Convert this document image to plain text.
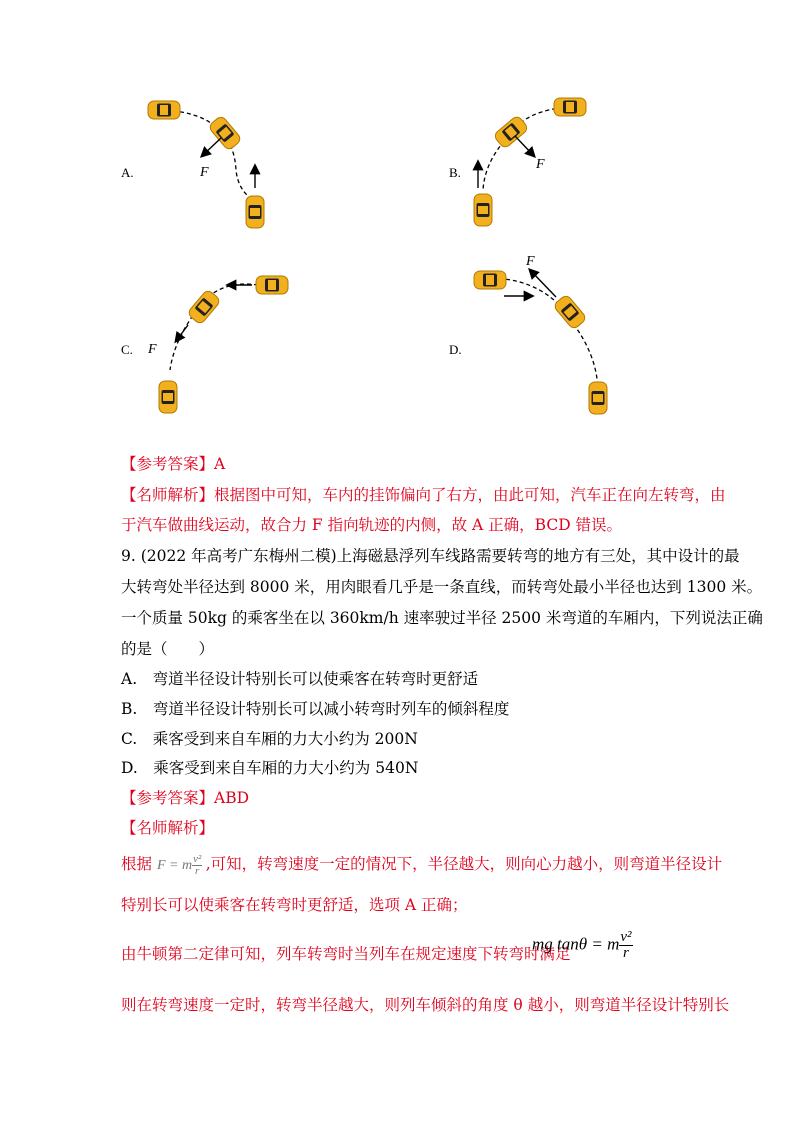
F
A.
F
B.
F
C.
F
D.
【参考答案】A
【名师解析】根据图中可知，车内的挂饰偏向了右方，由此可知，汽车正在向左转弯，由
于汽车做曲线运动，故合力 F 指向轨迹的内侧，故 A 正确，BCD 错误。
9. (2022 年高考广东梅州二模)上海磁悬浮列车线路需要转弯的地方有三处，其中设计的最
大转弯处半径达到 8000 米，用肉眼看几乎是一条直线，而转弯处最小半径也达到 1300 米。
一个质量 50kg 的乘客坐在以 360km/h 速率驶过半径 2500 米弯道的车厢内，下列说法正确
的是（　　）
A.　弯道半径设计特别长可以使乘客在转弯时更舒适
B.　弯道半径设计特别长可以减小转弯时列车的倾斜程度
C.　乘客受到来自车厢的力大小约为 200N
D.　乘客受到来自车厢的力大小约为 540N
【参考答案】ABD
【名师解析】
根据 F = m $\frac{\text{v²}}{r}$ ,可知，转弯速度一定的情况下，半径越大，则向心力越小，则弯道半径设计
特别长可以使乘客在转弯时更舒适，选项 A 正确；
由牛顿第二定律可知，列车转弯时当列车在规定速度下转弯时满足
mg tanθ = m $\frac{\text{v²}}{r}$
则在转弯速度一定时，转弯半径越大，则列车倾斜的角度 θ 越小，则弯道半径设计特别长
